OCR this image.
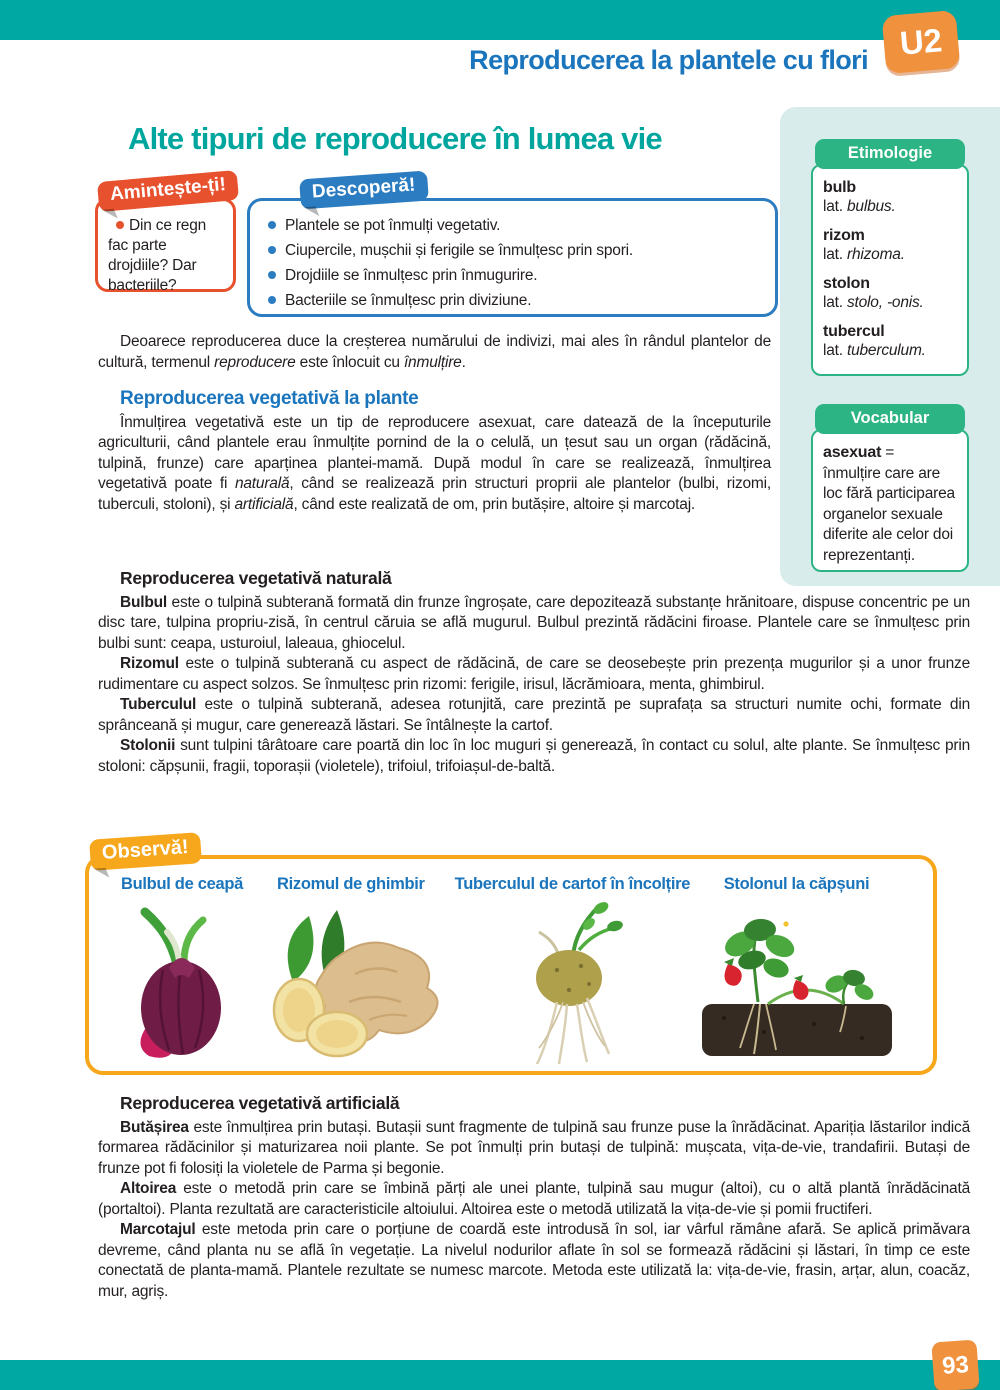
U2
Reproducerea la plantele cu flori
Alte tipuri de reproducere în lumea vie
Amintește-ți!
Din ce regn fac parte drojdiile? Dar bacteriile?
Descoperă!
Plantele se pot înmulți vegetativ.
Ciupercile, mușchii și ferigile se înmulțesc prin spori.
Drojdiile se înmulțesc prin înmugurire.
Bacteriile se înmulțesc prin diviziune.
Etimologie
bulb
lat. bulbus.
rizom
lat. rhizoma.
stolon
lat. stolo, -onis.
tubercul
lat. tuberculum.
Vocabular
asexuat =
înmulțire care are loc fără participarea organelor sexuale diferite ale celor doi reprezentanți.

Deoarece reproducerea duce la creșterea numărului de indivizi, mai ales în rândul plantelor de cultură, termenul reproducere este înlocuit cu înmulțire.

Reproducerea vegetativă la plante

Înmulțirea vegetativă este un tip de reproducere asexuat, care datează de la începuturile agriculturii, când plantele erau înmulțite pornind de la o celulă, un țesut sau un organ (rădăcină, tulpină, frunze) care aparținea plantei-mamă. După modul în care se realizează, înmulțirea vegetativă poate fi naturală, când se realizează prin structuri proprii ale plantelor (bulbi, rizomi, tuberculi, stoloni), și artificială, când este realizată de om, prin butășire, altoire și marcotaj.

Reproducerea vegetativă naturală

Bulbul este o tulpină subterană formată din frunze îngroșate, care depozitează substanțe hrănitoare, dispuse concentric pe un disc tare, tulpina propriu-zisă, în centrul căruia se află mugurul. Bulbul prezintă rădăcini firoase. Plantele care se înmulțesc prin bulbi sunt: ceapa, usturoiul, laleaua, ghiocelul.

Rizomul este o tulpină subterană cu aspect de rădăcină, de care se deosebește prin prezența mugurilor și a unor frunze rudimentare cu aspect solzos. Se înmulțesc prin rizomi: ferigile, irisul, lăcrămioara, menta, ghimbirul.

Tuberculul este o tulpină subterană, adesea rotunjită, care prezintă pe suprafața sa structuri numite ochi, formate din sprânceană și mugur, care generează lăstari. Se întâlnește la cartof.

Stolonii sunt tulpini târâtoare care poartă din loc în loc muguri și generează, în contact cu solul, alte plante. Se înmulțesc prin stoloni: căpșunii, fragii, toporașii (violetele), trifoiul, trifoiașul-de-baltă.

Observă!
Bulbul de ceapă Rizomul de ghimbir Tuberculul de cartof în încolțire Stolonul la căpșuni
Reproducerea vegetativă artificială

Butășirea este înmulțirea prin butași. Butașii sunt fragmente de tulpină sau frunze puse la înrădăcinat. Apariția lăstarilor indică formarea rădăcinilor și maturizarea noii plante. Se pot înmulți prin butași de tulpină: mușcata, vița-de-vie, trandafirii. Butași de frunze pot fi folosiți la violetele de Parma și begonie.

Altoirea este o metodă prin care se îmbină părți ale unei plante, tulpină sau mugur (altoi), cu o altă plantă înrădăcinată (portaltoi). Planta rezultată are caracteristicile altoiului. Altoirea este o metodă utilizată la vița-de-vie și pomii fructiferi.

Marcotajul este metoda prin care o porțiune de coardă este introdusă în sol, iar vârful rămâne afară. Se aplică primăvara devreme, când planta nu se află în vegetație. La nivelul nodurilor aflate în sol se formează rădăcini și lăstari, în timp ce este conectată de planta-mamă. Plantele rezultate se numesc marcote. Metoda este utilizată la: vița-de-vie, frasin, arțar, alun, coacăz, mur, agriș.

93
